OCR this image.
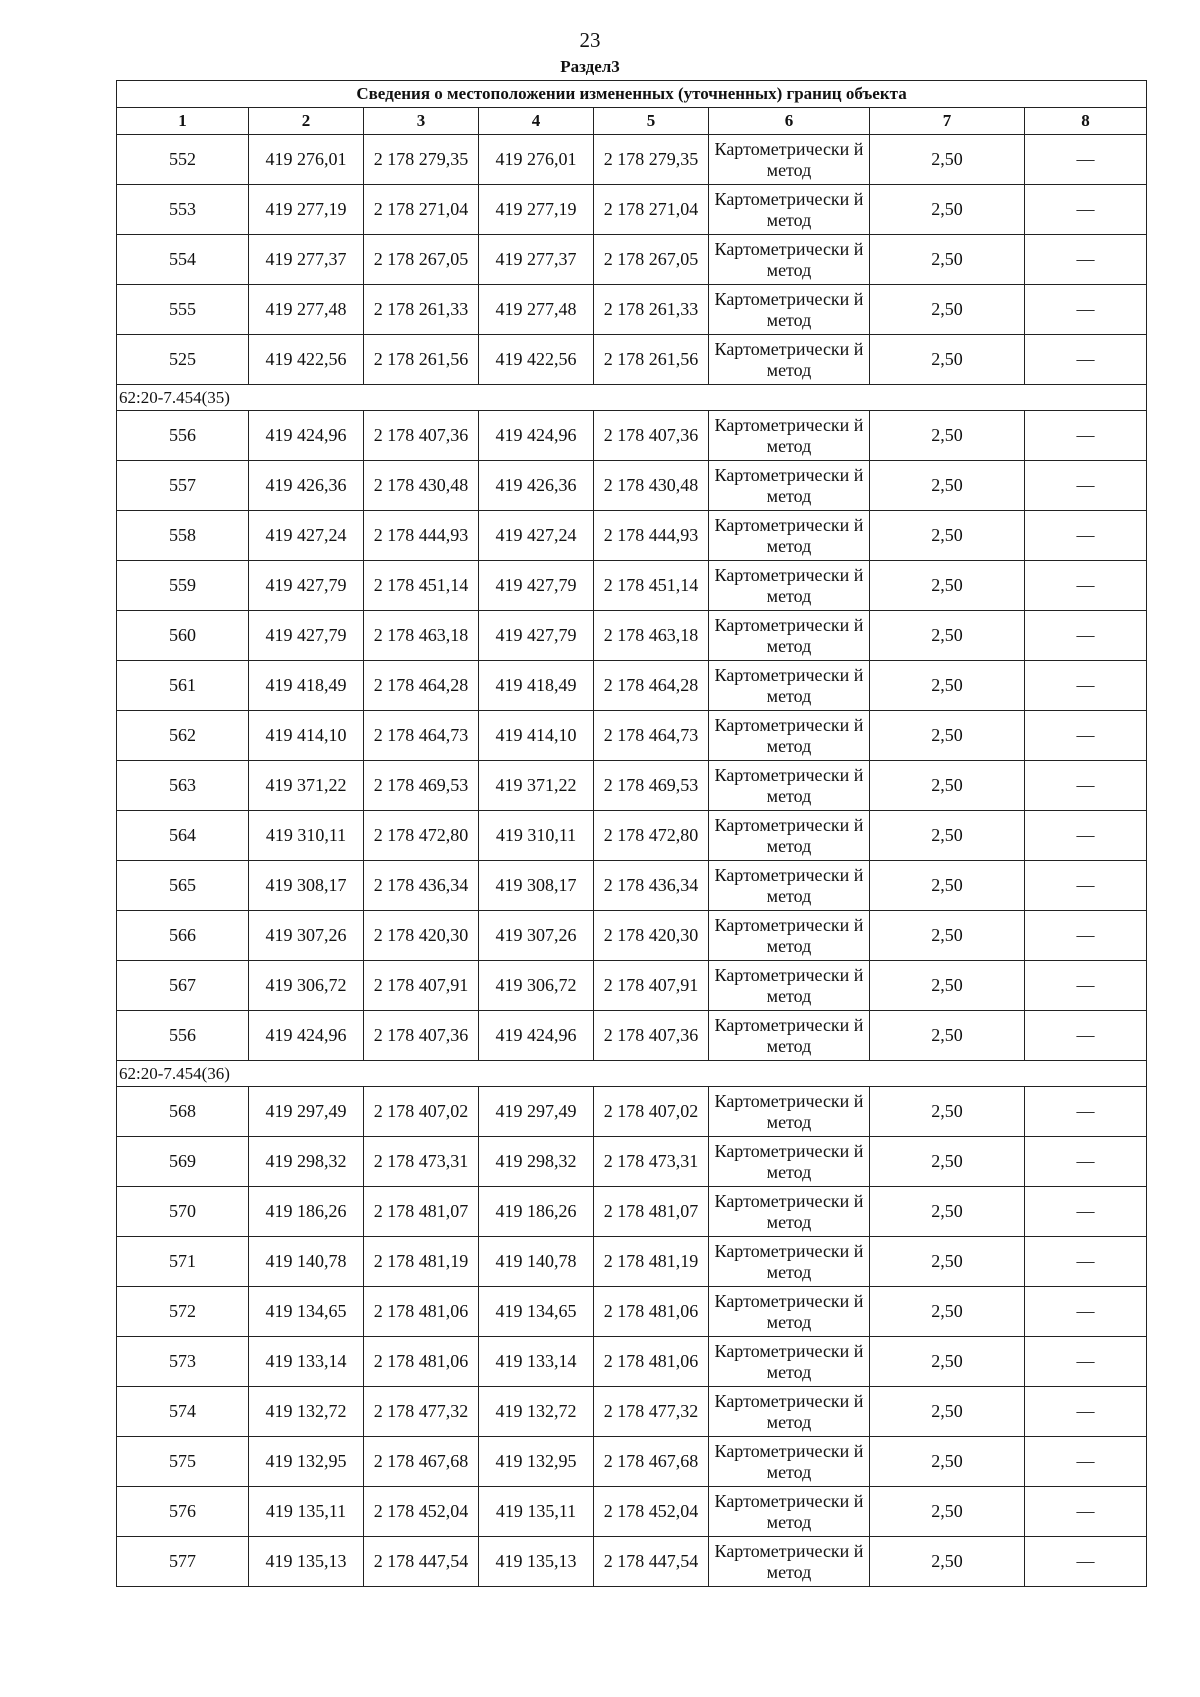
23
Раздел3
Сведения о местоположении измененных (уточненных) границ объекта							
1	2	3	4	5	6	7	8
552	419 276,01	2 178 279,35	419 276,01	2 178 279,35	Картометрически й метод	2,50	—
553	419 277,19	2 178 271,04	419 277,19	2 178 271,04	Картометрически й метод	2,50	—
554	419 277,37	2 178 267,05	419 277,37	2 178 267,05	Картометрически й метод	2,50	—
555	419 277,48	2 178 261,33	419 277,48	2 178 261,33	Картометрически й метод	2,50	—
525	419 422,56	2 178 261,56	419 422,56	2 178 261,56	Картометрически й метод	2,50	—
62:20-7.454(35)							
556	419 424,96	2 178 407,36	419 424,96	2 178 407,36	Картометрически й метод	2,50	—
557	419 426,36	2 178 430,48	419 426,36	2 178 430,48	Картометрически й метод	2,50	—
558	419 427,24	2 178 444,93	419 427,24	2 178 444,93	Картометрически й метод	2,50	—
559	419 427,79	2 178 451,14	419 427,79	2 178 451,14	Картометрически й метод	2,50	—
560	419 427,79	2 178 463,18	419 427,79	2 178 463,18	Картометрически й метод	2,50	—
561	419 418,49	2 178 464,28	419 418,49	2 178 464,28	Картометрически й метод	2,50	—
562	419 414,10	2 178 464,73	419 414,10	2 178 464,73	Картометрически й метод	2,50	—
563	419 371,22	2 178 469,53	419 371,22	2 178 469,53	Картометрически й метод	2,50	—
564	419 310,11	2 178 472,80	419 310,11	2 178 472,80	Картометрически й метод	2,50	—
565	419 308,17	2 178 436,34	419 308,17	2 178 436,34	Картометрически й метод	2,50	—
566	419 307,26	2 178 420,30	419 307,26	2 178 420,30	Картометрически й метод	2,50	—
567	419 306,72	2 178 407,91	419 306,72	2 178 407,91	Картометрически й метод	2,50	—
556	419 424,96	2 178 407,36	419 424,96	2 178 407,36	Картометрически й метод	2,50	—
62:20-7.454(36)							
568	419 297,49	2 178 407,02	419 297,49	2 178 407,02	Картометрически й метод	2,50	—
569	419 298,32	2 178 473,31	419 298,32	2 178 473,31	Картометрически й метод	2,50	—
570	419 186,26	2 178 481,07	419 186,26	2 178 481,07	Картометрически й метод	2,50	—
571	419 140,78	2 178 481,19	419 140,78	2 178 481,19	Картометрически й метод	2,50	—
572	419 134,65	2 178 481,06	419 134,65	2 178 481,06	Картометрически й метод	2,50	—
573	419 133,14	2 178 481,06	419 133,14	2 178 481,06	Картометрически й метод	2,50	—
574	419 132,72	2 178 477,32	419 132,72	2 178 477,32	Картометрически й метод	2,50	—
575	419 132,95	2 178 467,68	419 132,95	2 178 467,68	Картометрически й метод	2,50	—
576	419 135,11	2 178 452,04	419 135,11	2 178 452,04	Картометрически й метод	2,50	—
577	419 135,13	2 178 447,54	419 135,13	2 178 447,54	Картометрически й метод	2,50	—
